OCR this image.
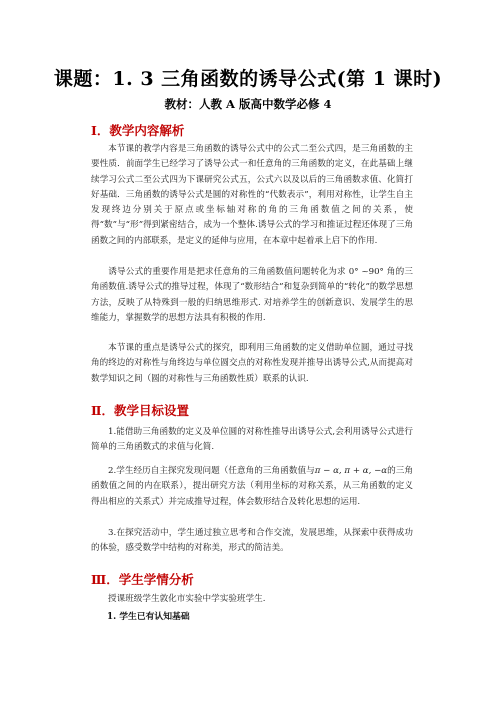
课题：1. 3 三角函数的诱导公式(第 1 课时)
教材：人教 A 版高中数学必修 4
Ⅰ．教学内容解析
本节课的教学内容是三角函数的诱导公式中的公式二至公式四，是三角函数的主要性质．前面学生已经学习了诱导公式一和任意角的三角函数的定义，在此基础上继续学习公式二至公式四为下课研究公式五，公式六以及以后的三角函数求值、化简打好基础．三角函数的诱导公式是圆的对称性的“代数表示”，利用对称性，让学生自主发现终边分别关于原点或坐标轴对称的角的三角函数值之间的关系，使得“数”与“形”得到紧密结合，成为一个整体.诱导公式的学习和推证过程还体现了三角函数之间的内部联系，是定义的延伸与应用，在本章中起着承上启下的作用.
诱导公式的重要作用是把求任意角的三角函数值问题转化为求 0° ~90° 角的三角函数值.诱导公式的推导过程，体现了“数形结合”和复杂到简单的“转化”的数学思想方法，反映了从特殊到一般的归纳思维形式. 对培养学生的创新意识、发展学生的思维能力，掌握数学的思想方法具有积极的作用.
本节课的重点是诱导公式的探究，即利用三角函数的定义借助单位圆，通过寻找角的终边的对称性与角终边与单位圆交点的对称性发现并推导出诱导公式,从而提高对数学知识之间（圆的对称性与三角函数性质）联系的认识.
Ⅱ．教学目标设置
1.能借助三角函数的定义及单位圆的对称性推导出诱导公式,会利用诱导公式进行简单的三角函数式的求值与化简.
2.学生经历自主探究发现问题（任意角的三角函数值与π − α, π + α, −α的三角函数值之间的内在联系），提出研究方法（利用坐标的对称关系，从三角函数的定义得出相应的关系式）并完成推导过程，体会数形结合及转化思想的运用.
3.在探究活动中，学生通过独立思考和合作交流，发展思维，从探索中获得成功的体验，感受数学中结构的对称美，形式的简洁美。
Ⅲ．学生学情分析
授课班级学生敦化市实验中学实验班学生.
1. 学生已有认知基础
